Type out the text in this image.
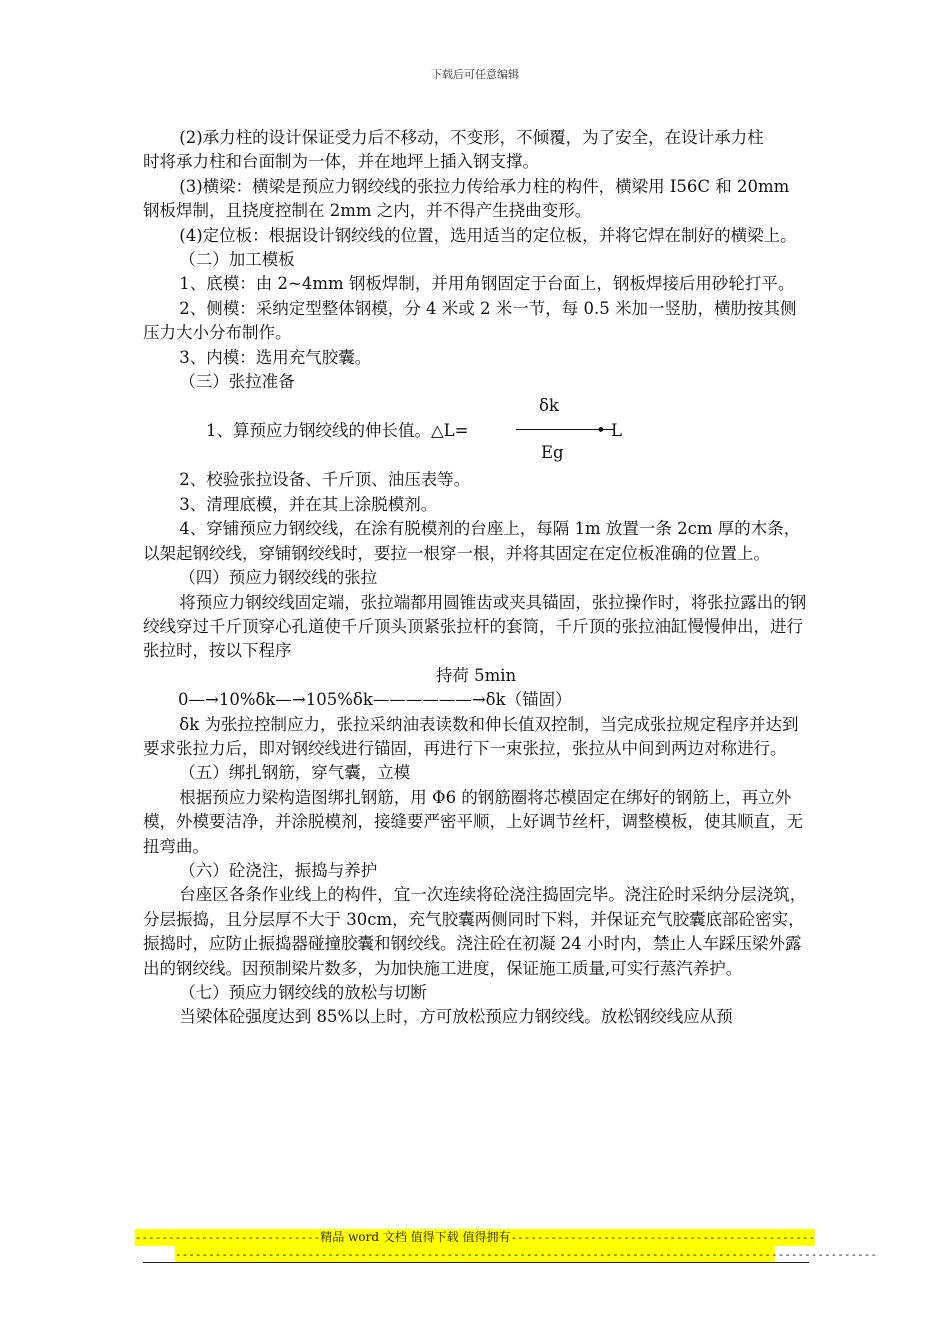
下载后可任意编辑

(2)承力柱的设计保证受力后不移动，不变形，不倾覆，为了安全，在设计承力柱

时将承力柱和台面制为一体，并在地坪上插入钢支撑。

(3)横梁：横梁是预应力钢绞线的张拉力传给承力柱的构件，横梁用 I56C 和 20mm

钢板焊制，且挠度控制在 2mm 之内，并不得产生挠曲变形。

(4)定位板：根据设计钢绞线的位置，选用适当的定位板，并将它焊在制好的横梁上。

（二）加工模板

1、底模：由 2~4mm 钢板焊制，并用角钢固定于台面上，钢板焊接后用砂轮打平。

2、侧模：采纳定型整体钢模，分 4 米或 2 米一节，每 0.5 米加一竖肋，横肋按其侧压力大小分布制作。

3、内模：选用充气胶囊。

（三）张拉准备

1、算预应力钢绞线的伸长值。△L=
δk
• L
Eg

2、校验张拉设备、千斤顶、油压表等。

3、清理底模，并在其上涂脱模剂。

4、穿铺预应力钢绞线，在涂有脱模剂的台座上，每隔 1m 放置一条 2cm 厚的木条，以架起钢绞线，穿铺钢绞线时，要拉一根穿一根，并将其固定在定位板准确的位置上。

（四）预应力钢绞线的张拉

将预应力钢绞线固定端，张拉端都用圆锥齿或夹具锚固，张拉操作时，将张拉露出的钢绞线穿过千斤顶穿心孔道使千斤顶头顶紧张拉杆的套筒，千斤顶的张拉油缸慢慢伸出，进行张拉时，按以下程序

持荷 5min

0—→10%δk—→105%δk——————→δk（锚固）

δk 为张拉控制应力，张拉采纳油表读数和伸长值双控制，当完成张拉规定程序并达到要求张拉力后，即对钢绞线进行锚固，再进行下一束张拉，张拉从中间到两边对称进行。

（五）绑扎钢筋，穿气囊，立模

根据预应力梁构造图绑扎钢筋，用 Φ6 的钢筋圈将芯模固定在绑好的钢筋上，再立外模，外模要洁净，并涂脱模剂，接缝要严密平顺，上好调节丝杆，调整模板，使其顺直，无扭弯曲。

（六）砼浇注，振捣与养护

台座区各条作业线上的构件，宜一次连续将砼浇注捣固完毕。浇注砼时采纳分层浇筑，分层振捣，且分层厚不大于 30cm，充气胶囊两侧同时下料，并保证充气胶囊底部砼密实，振捣时，应防止振捣器碰撞胶囊和钢绞线。浇注砼在初凝 24 小时内，禁止人车踩压梁外露出的钢绞线。因预制梁片数多，为加快施工进度，保证施工质量,可实行蒸汽养护。

（七）预应力钢绞线的放松与切断

当梁体砼强度达到 85%以上时，方可放松预应力钢绞线。放松钢绞线应从预

----------------------------精品 word 文档 值得下载 值得拥有----------------------------------------------
----------------------------------------------------------------------------------------------------------
